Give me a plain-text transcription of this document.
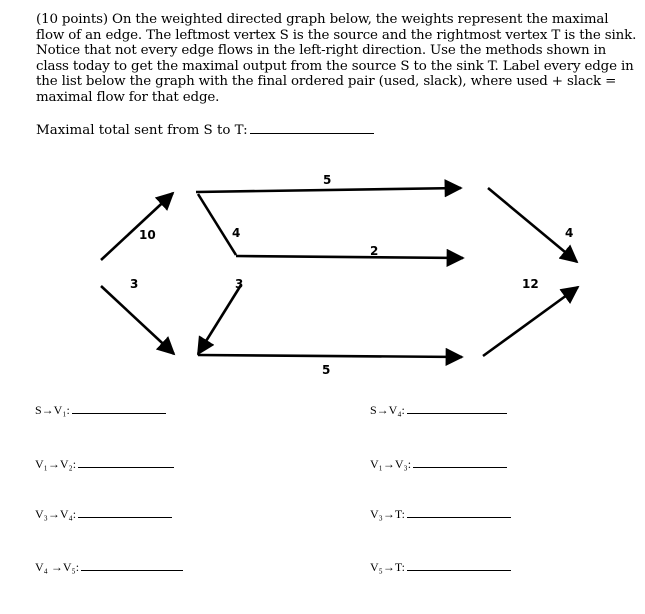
(10 points) On the weighted directed graph below, the weights represent the maximal flow of an edge. The leftmost vertex S is the source and the rightmost vertex T is the sink. Notice that not every edge flows in the left-right direction. Use the methods shown in class today to get the maximal output from the source S to the sink T. Label every edge in the list below the graph with the final ordered pair (used, slack), where used + slack = maximal flow for that edge.
Maximal total sent from S to T:
10
3
4
3
5
2
5
4
12
S→V₁:	S→V₄:
V₁→V₂:	V₁→V₃:
V₃→V₄:	V₃→T:
V₄ →V₅:	V₅→T:
